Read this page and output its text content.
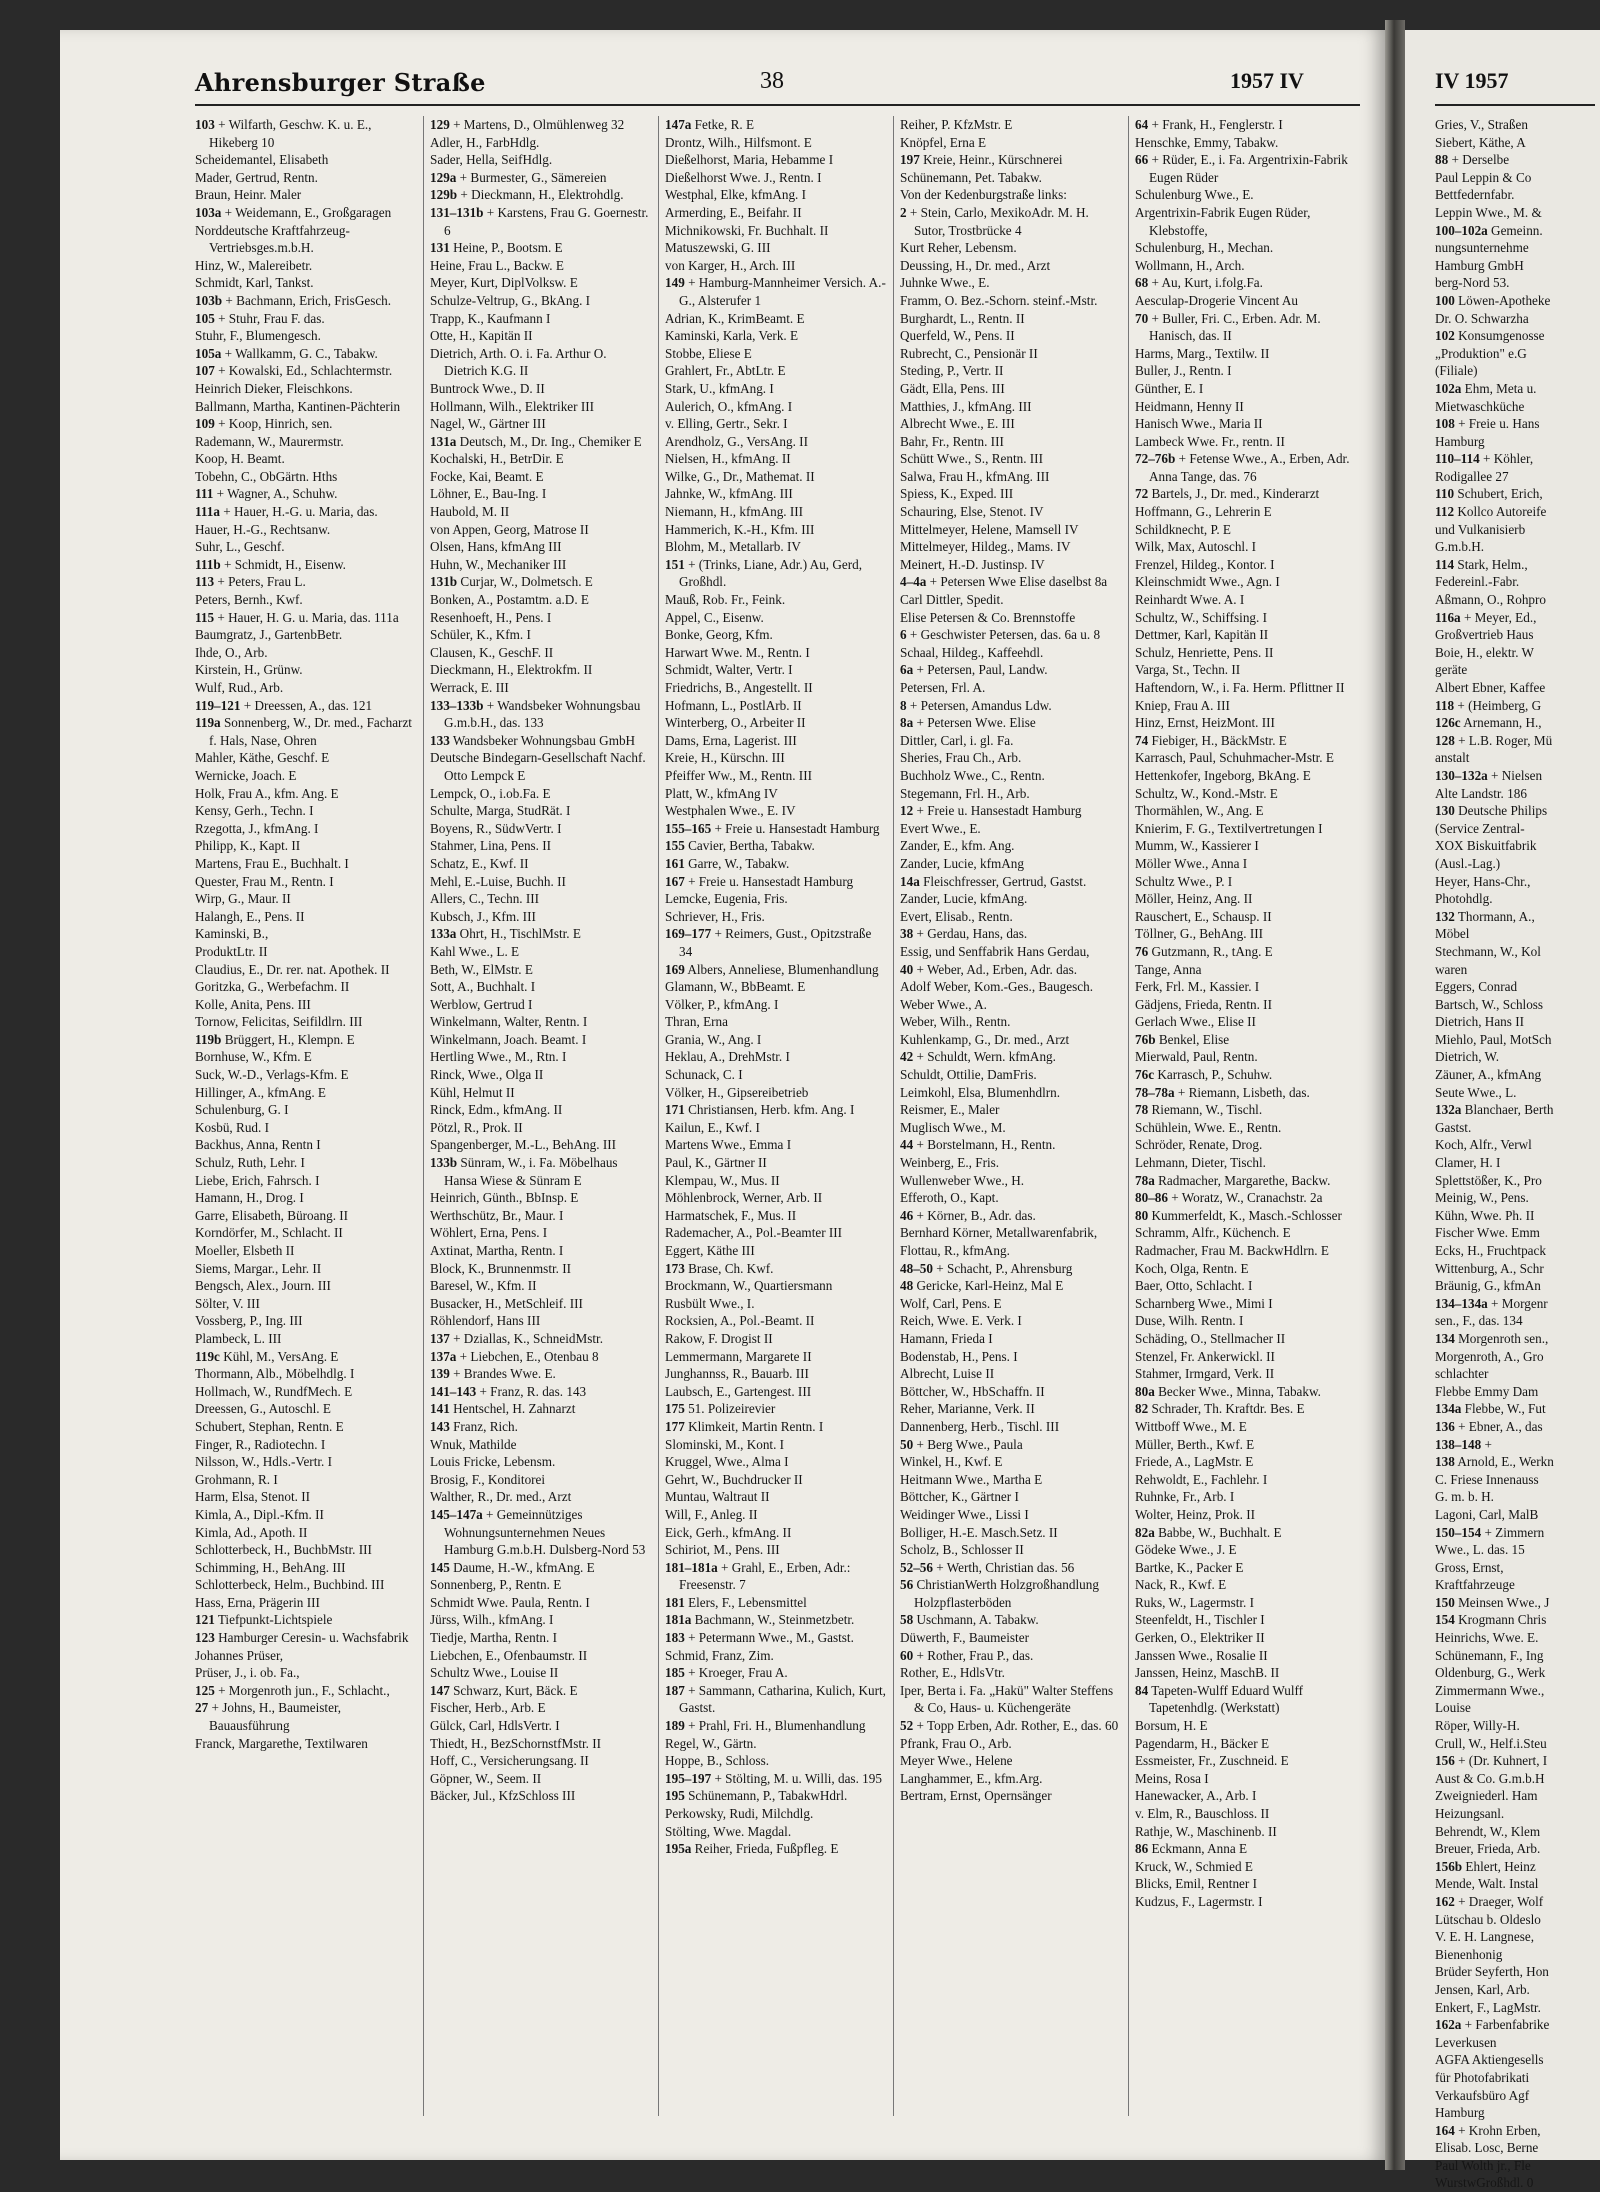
Ahrensburger Straße	38	1957 IV	IV 1957

103 + Wilfarth, Geschw. K. u. E., Hikeberg 10

Scheidemantel, Elisabeth

Mader, Gertrud, Rentn.

Braun, Heinr. Maler

103a + Weidemann, E., Großgaragen

Norddeutsche Kraftfahrzeug-Vertriebsges.m.b.H.

Hinz, W., Malereibetr.

Schmidt, Karl, Tankst.

103b + Bachmann, Erich, FrisGesch.

105 + Stuhr, Frau F. das.

Stuhr, F., Blumengesch.

105a + Wallkamm, G. C., Tabakw.

107 + Kowalski, Ed., Schlachtermstr.

Heinrich Dieker, Fleischkons.

Ballmann, Martha, Kantinen-Pächterin

109 + Koop, Hinrich, sen.

Rademann, W., Maurermstr.

Koop, H. Beamt.

Tobehn, C., ObGärtn. Hths

111 + Wagner, A., Schuhw.

111a + Hauer, H.-G. u. Maria, das.

Hauer, H.-G., Rechtsanw.

Suhr, L., Geschf.

111b + Schmidt, H., Eisenw.

113 + Peters, Frau L.

Peters, Bernh., Kwf.

115 + Hauer, H. G. u. Maria, das. 111a

Baumgratz, J., GartenbBetr.

Ihde, O., Arb.

Kirstein, H., Grünw.

Wulf, Rud., Arb.

119–121 + Dreessen, A., das. 121

119a Sonnenberg, W., Dr. med., Facharzt f. Hals, Nase, Ohren

Mahler, Käthe, Geschf. E

Wernicke, Joach. E

Holk, Frau A., kfm. Ang. E

Kensy, Gerh., Techn. I

Rzegotta, J., kfmAng. I

Philipp, K., Kapt. II

Martens, Frau E., Buchhalt. I

Quester, Frau M., Rentn. I

Wirp, G., Maur. II

Halangh, E., Pens. II

Kaminski, B.,

ProduktLtr. II

Claudius, E., Dr. rer. nat. Apothek. II

Goritzka, G., Werbefachm. II

Kolle, Anita, Pens. III

Tornow, Felicitas, Seifildlrn. III

119b Brüggert, H., Klempn. E

Bornhuse, W., Kfm. E

Suck, W.-D., Verlags-Kfm. E

Hillinger, A., kfmAng. E

Schulenburg, G. I

Kosbü, Rud. I

Backhus, Anna, Rentn I

Schulz, Ruth, Lehr. I

Liebe, Erich, Fahrsch. I

Hamann, H., Drog. I

Garre, Elisabeth, Büroang. II

Korndörfer, M., Schlacht. II

Moeller, Elsbeth II

Siems, Margar., Lehr. II

Bengsch, Alex., Journ. III

Sölter, V. III

Vossberg, P., Ing. III

Plambeck, L. III

119c Kühl, M., VersAng. E

Thormann, Alb., Möbelhdlg. I

Hollmach, W., RundfMech. E

Dreessen, G., Autoschl. E

Schubert, Stephan, Rentn. E

Finger, R., Radiotechn. I

Nilsson, W., Hdls.-Vertr. I

Grohmann, R. I

Harm, Elsa, Stenot. II

Kimla, A., Dipl.-Kfm. II

Kimla, Ad., Apoth. II

Schlotterbeck, H., BuchbMstr. III

Schimming, H., BehAng. III

Schlotterbeck, Helm., Buchbind. III

Hass, Erna, Prägerin III

121 Tiefpunkt-Lichtspiele

123 Hamburger Ceresin- u. Wachsfabrik

Johannes Prüser,

Prüser, J., i. ob. Fa.,

125 + Morgenroth jun., F., Schlacht.,

27 + Johns, H., Baumeister, Bauausführung

Franck, Margarethe, Textilwaren

129 + Martens, D., Olmühlenweg 32

Adler, H., FarbHdlg.

Sader, Hella, SeifHdlg.

129a + Burmester, G., Sämereien

129b + Dieckmann, H., Elektrohdlg.

131–131b + Karstens, Frau G. Goernestr. 6

131 Heine, P., Bootsm. E

Heine, Frau L., Backw. E

Meyer, Kurt, DiplVolksw. E

Schulze-Veltrup, G., BkAng. I

Trapp, K., Kaufmann I

Otte, H., Kapitän II

Dietrich, Arth. O. i. Fa. Arthur O. Dietrich K.G. II

Buntrock Wwe., D. II

Hollmann, Wilh., Elektriker III

Nagel, W., Gärtner III

131a Deutsch, M., Dr. Ing., Chemiker E

Kochalski, H., BetrDir. E

Focke, Kai, Beamt. E

Löhner, E., Bau-Ing. I

Haubold, M. II

von Appen, Georg, Matrose II

Olsen, Hans, kfmAng III

Huhn, W., Mechaniker III

131b Curjar, W., Dolmetsch. E

Bonken, A., Postamtm. a.D. E

Resenhoeft, H., Pens. I

Schüler, K., Kfm. I

Clausen, K., GeschF. II

Dieckmann, H., Elektrokfm. II

Werrack, E. III

133–133b + Wandsbeker Wohnungsbau G.m.b.H., das. 133

133 Wandsbeker Wohnungsbau GmbH

Deutsche Bindegarn-Gesellschaft Nachf. Otto Lempck E

Lempck, O., i.ob.Fa. E

Schulte, Marga, StudRät. I

Boyens, R., SüdwVertr. I

Stahmer, Lina, Pens. II

Schatz, E., Kwf. II

Mehl, E.-Luise, Buchh. II

Allers, C., Techn. III

Kubsch, J., Kfm. III

133a Ohrt, H., TischlMstr. E

Kahl Wwe., L. E

Beth, W., ElMstr. E

Sott, A., Buchhalt. I

Werblow, Gertrud I

Winkelmann, Walter, Rentn. I

Winkelmann, Joach. Beamt. I

Hertling Wwe., M., Rtn. I

Rinck, Wwe., Olga II

Kühl, Helmut II

Rinck, Edm., kfmAng. II

Pötzl, R., Prok. II

Spangenberger, M.-L., BehAng. III

133b Sünram, W., i. Fa. Möbelhaus Hansa Wiese & Sünram E

Heinrich, Günth., BbInsp. E

Werthschütz, Br., Maur. I

Wöhlert, Erna, Pens. I

Axtinat, Martha, Rentn. I

Block, K., Brunnenmstr. II

Baresel, W., Kfm. II

Busacker, H., MetSchleif. III

Röhlendorf, Hans III

137 + Dziallas, K., SchneidMstr.

137a + Liebchen, E., Otenbau 8

139 + Brandes Wwe. E.

141–143 + Franz, R. das. 143

141 Hentschel, H. Zahnarzt

143 Franz, Rich.

Wnuk, Mathilde

Louis Fricke, Lebensm.

Brosig, F., Konditorei

Walther, R., Dr. med., Arzt

145–147a + Gemeinnütziges Wohnungsunternehmen Neues Hamburg G.m.b.H. Dulsberg-Nord 53

145 Daume, H.-W., kfmAng. E

Sonnenberg, P., Rentn. E

Schmidt Wwe. Paula, Rentn. I

Jürss, Wilh., kfmAng. I

Tiedje, Martha, Rentn. I

Liebchen, E., Ofenbaumstr. II

Schultz Wwe., Louise II

147 Schwarz, Kurt, Bäck. E

Fischer, Herb., Arb. E

Gülck, Carl, HdlsVertr. I

Thiedt, H., BezSchornstfMstr. II

Hoff, C., Versicherungsang. II

Göpner, W., Seem. II

Bäcker, Jul., KfzSchloss III

147a Fetke, R. E

Drontz, Wilh., Hilfsmont. E

Dießelhorst, Maria, Hebamme I

Dießelhorst Wwe. J., Rentn. I

Westphal, Elke, kfmAng. I

Armerding, E., Beifahr. II

Michnikowski, Fr. Buchhalt. II

Matuszewski, G. III

von Karger, H., Arch. III

149 + Hamburg-Mannheimer Versich. A.-G., Alsterufer 1

Adrian, K., KrimBeamt. E

Kaminski, Karla, Verk. E

Stobbe, Eliese E

Grahlert, Fr., AbtLtr. E

Stark, U., kfmAng. I

Aulerich, O., kfmAng. I

v. Elling, Gertr., Sekr. I

Arendholz, G., VersAng. II

Nielsen, H., kfmAng. II

Wilke, G., Dr., Mathemat. II

Jahnke, W., kfmAng. III

Niemann, H., kfmAng. III

Hammerich, K.-H., Kfm. III

Blohm, M., Metallarb. IV

151 + (Trinks, Liane, Adr.) Au, Gerd, Großhdl.

Mauß, Rob. Fr., Feink.

Appel, C., Eisenw.

Bonke, Georg, Kfm.

Harwart Wwe. M., Rentn. I

Schmidt, Walter, Vertr. I

Friedrichs, B., Angestellt. II

Hofmann, L., PostlArb. II

Winterberg, O., Arbeiter II

Dams, Erna, Lagerist. III

Kreie, H., Kürschn. III

Pfeiffer Ww., M., Rentn. III

Platt, W., kfmAng IV

Westphalen Wwe., E. IV

155–165 + Freie u. Hansestadt Hamburg

155 Cavier, Bertha, Tabakw.

161 Garre, W., Tabakw.

167 + Freie u. Hansestadt Hamburg

Lemcke, Eugenia, Fris.

Schriever, H., Fris.

169–177 + Reimers, Gust., Opitzstraße 34

169 Albers, Anneliese, Blumenhandlung

Glamann, W., BbBeamt. E

Völker, P., kfmAng. I

Thran, Erna

Grania, W., Ang. I

Heklau, A., DrehMstr. I

Schunack, C. I

Völker, H., Gipsereibetrieb

171 Christiansen, Herb. kfm. Ang. I

Kailun, E., Kwf. I

Martens Wwe., Emma I

Paul, K., Gärtner II

Klempau, W., Mus. II

Möhlenbrock, Werner, Arb. II

Harmatschek, F., Mus. II

Rademacher, A., Pol.-Beamter III

Eggert, Käthe III

173 Brase, Ch. Kwf.

Brockmann, W., Quartiersmann

Rusbült Wwe., I.

Rocksien, A., Pol.-Beamt. II

Rakow, F. Drogist II

Lemmermann, Margarete II

Junghannss, R., Bauarb. III

Laubsch, E., Gartengest. III

175 51. Polizeirevier

177 Klimkeit, Martin Rentn. I

Slominski, M., Kont. I

Kruggel, Wwe., Alma I

Gehrt, W., Buchdrucker II

Muntau, Waltraut II

Will, F., Anleg. II

Eick, Gerh., kfmAng. II

Schiriot, M., Pens. III

181–181a + Grahl, E., Erben, Adr.: Freesenstr. 7

181 Elers, F., Lebensmittel

181a Bachmann, W., Steinmetzbetr.

183 + Petermann Wwe., M., Gastst.

Schmid, Franz, Zim.

185 + Kroeger, Frau A.

187 + Sammann, Catharina, Kulich, Kurt, Gastst.

189 + Prahl, Fri. H., Blumenhandlung

Regel, W., Gärtn.

Hoppe, B., Schloss.

195–197 + Stölting, M. u. Willi, das. 195

195 Schünemann, P., TabakwHdrl.

Perkowsky, Rudi, Milchdlg.

Stölting, Wwe. Magdal.

195a Reiher, Frieda, Fußpfleg. E

Reiher, P. KfzMstr. E

Knöpfel, Erna E

197 Kreie, Heinr., Kürschnerei

Schünemann, Pet. Tabakw.

Von der Kedenburgstraße links:

2 + Stein, Carlo, MexikoAdr. M. H. Sutor, Trostbrücke 4

Kurt Reher, Lebensm.

Deussing, H., Dr. med., Arzt

Juhnke Wwe., E.

Framm, O. Bez.-Schorn. steinf.-Mstr.

Burghardt, L., Rentn. II

Querfeld, W., Pens. II

Rubrecht, C., Pensionär II

Steding, P., Vertr. II

Gädt, Ella, Pens. III

Matthies, J., kfmAng. III

Albrecht Wwe., E. III

Bahr, Fr., Rentn. III

Schütt Wwe., S., Rentn. III

Salwa, Frau H., kfmAng. III

Spiess, K., Exped. III

Schauring, Else, Stenot. IV

Mittelmeyer, Helene, Mamsell IV

Mittelmeyer, Hildeg., Mams. IV

Meinert, H.-D. Justinsp. IV

4–4a + Petersen Wwe Elise daselbst 8a

Carl Dittler, Spedit.

Elise Petersen & Co. Brennstoffe

6 + Geschwister Petersen, das. 6a u. 8

Schaal, Hildeg., Kaffeehdl.

6a + Petersen, Paul, Landw.

Petersen, Frl. A.

8 + Petersen, Amandus Ldw.

8a + Petersen Wwe. Elise

Dittler, Carl, i. gl. Fa.

Sheries, Frau Ch., Arb.

Buchholz Wwe., C., Rentn.

Stegemann, Frl. H., Arb.

12 + Freie u. Hansestadt Hamburg

Evert Wwe., E.

Zander, E., kfm. Ang.

Zander, Lucie, kfmAng

14a Fleischfresser, Gertrud, Gastst.

Zander, Lucie, kfmAng.

Evert, Elisab., Rentn.

38 + Gerdau, Hans, das.

Essig, und Senffabrik Hans Gerdau,

40 + Weber, Ad., Erben, Adr. das.

Adolf Weber, Kom.-Ges., Baugesch.

Weber Wwe., A.

Weber, Wilh., Rentn.

Kuhlenkamp, G., Dr. med., Arzt

42 + Schuldt, Wern. kfmAng.

Schuldt, Ottilie, DamFris.

Leimkohl, Elsa, Blumenhdlrn.

Reismer, E., Maler

Muglisch Wwe., M.

44 + Borstelmann, H., Rentn.

Weinberg, E., Fris.

Wullenweber Wwe., H.

Efferoth, O., Kapt.

46 + Körner, B., Adr. das.

Bernhard Körner, Metallwarenfabrik,

Flottau, R., kfmAng.

48–50 + Schacht, P., Ahrensburg

48 Gericke, Karl-Heinz, Mal E

Wolf, Carl, Pens. E

Reich, Wwe. E. Verk. I

Hamann, Frieda I

Bodenstab, H., Pens. I

Albrecht, Luise II

Böttcher, W., HbSchaffn. II

Reher, Marianne, Verk. II

Dannenberg, Herb., Tischl. III

50 + Berg Wwe., Paula

Winkel, H., Kwf. E

Heitmann Wwe., Martha E

Böttcher, K., Gärtner I

Weidinger Wwe., Lissi I

Bolliger, H.-E. Masch.Setz. II

Scholz, B., Schlosser II

52–56 + Werth, Christian das. 56

56 ChristianWerth Holzgroßhandlung Holzpflasterböden

58 Uschmann, A. Tabakw.

Düwerth, F., Baumeister

60 + Rother, Frau P., das.

Rother, E., HdlsVtr.

Iper, Berta i. Fa. „Hakü" Walter Steffens & Co, Haus- u. Küchengeräte

52 + Topp Erben, Adr. Rother, E., das. 60

Pfrank, Frau O., Arb.

Meyer Wwe., Helene

Langhammer, E., kfm.Arg.

Bertram, Ernst, Opernsänger

64 + Frank, H., Fenglerstr. I

Henschke, Emmy, Tabakw.

66 + Rüder, E., i. Fa. Argentrixin-Fabrik Eugen Rüder

Schulenburg Wwe., E.

Argentrixin-Fabrik Eugen Rüder, Klebstoffe,

Schulenburg, H., Mechan.

Wollmann, H., Arch.

68 + Au, Kurt, i.folg.Fa.

Aesculap-Drogerie Vincent Au

70 + Buller, Fri. C., Erben. Adr. M. Hanisch, das. II

Harms, Marg., Textilw. II

Buller, J., Rentn. I

Günther, E. I

Heidmann, Henny II

Hanisch Wwe., Maria II

Lambeck Wwe. Fr., rentn. II

72–76b + Fetense Wwe., A., Erben, Adr. Anna Tange, das. 76

72 Bartels, J., Dr. med., Kinderarzt

Hoffmann, G., Lehrerin E

Schildknecht, P. E

Wilk, Max, Autoschl. I

Frenzel, Hildeg., Kontor. I

Kleinschmidt Wwe., Agn. I

Reinhardt Wwe. A. I

Schultz, W., Schiffsing. I

Dettmer, Karl, Kapitän II

Schulz, Henriette, Pens. II

Varga, St., Techn. II

Haftendorn, W., i. Fa. Herm. Pflittner II

Kniep, Frau A. III

Hinz, Ernst, HeizMont. III

74 Fiebiger, H., BäckMstr. E

Karrasch, Paul, Schuhmacher-Mstr. E

Hettenkofer, Ingeborg, BkAng. E

Schultz, W., Kond.-Mstr. E

Thormählen, W., Ang. E

Knierim, F. G., Textilvertretungen I

Mumm, W., Kassierer I

Möller Wwe., Anna I

Schultz Wwe., P. I

Möller, Heinz, Ang. II

Rauschert, E., Schausp. II

Töllner, G., BehAng. III

76 Gutzmann, R., tAng. E

Tange, Anna

Ferk, Frl. M., Kassier. I

Gädjens, Frieda, Rentn. II

Gerlach Wwe., Elise II

76b Benkel, Elise

Mierwald, Paul, Rentn.

76c Karrasch, P., Schuhw.

78–78a + Riemann, Lisbeth, das.

78 Riemann, W., Tischl.

Schühlein, Wwe. E., Rentn.

Schröder, Renate, Drog.

Lehmann, Dieter, Tischl.

78a Radmacher, Margarethe, Backw.

80–86 + Woratz, W., Cranachstr. 2a

80 Kummerfeldt, K., Masch.-Schlosser

Schramm, Alfr., Küchench. E

Radmacher, Frau M. BackwHdlrn. E

Koch, Olga, Rentn. E

Baer, Otto, Schlacht. I

Scharnberg Wwe., Mimi I

Duse, Wilh. Rentn. I

Schäding, O., Stellmacher II

Stenzel, Fr. Ankerwickl. II

Stahmer, Irmgard, Verk. II

80a Becker Wwe., Minna, Tabakw.

82 Schrader, Th. Kraftdr. Bes. E

Wittboff Wwe., M. E

Müller, Berth., Kwf. E

Friede, A., LagMstr. E

Rehwoldt, E., Fachlehr. I

Ruhnke, Fr., Arb. I

Wolter, Heinz, Prok. II

82a Babbe, W., Buchhalt. E

Gödeke Wwe., J. E

Bartke, K., Packer E

Nack, R., Kwf. E

Ruks, W., Lagermstr. I

Steenfeldt, H., Tischler I

Gerken, O., Elektriker II

Janssen Wwe., Rosalie II

Janssen, Heinz, MaschB. II

84 Tapeten-Wulff Eduard Wulff Tapetenhdlg. (Werkstatt)

Borsum, H. E

Pagendarm, H., Bäcker E

Essmeister, Fr., Zuschneid. E

Meins, Rosa I

Hanewacker, A., Arb. I

v. Elm, R., Bauschloss. II

Rathje, W., Maschinenb. II

86 Eckmann, Anna E

Kruck, W., Schmied E

Blicks, Emil, Rentner I

Kudzus, F., Lagermstr. I

Gries, V., Straßen

Siebert, Käthe, A

88 + Derselbe

Paul Leppin & Co

Bettfedernfabr.

Leppin Wwe., M. &

100–102a Gemeinn.

nungsunternehme

Hamburg GmbH

berg-Nord 53.

100 Löwen-Apotheke

Dr. O. Schwarzha

102 Konsumgenosse

„Produktion" e.G

(Filiale)

102a Ehm, Meta u.

Mietwaschküche

108 + Freie u. Hans

Hamburg

110–114 + Köhler,

Rodigallee 27

110 Schubert, Erich,

112 Kollco Autoreife

und Vulkanisierb

G.m.b.H.

114 Stark, Helm.,

Federeinl.-Fabr.

Aßmann, O., Rohpro

116a + Meyer, Ed.,

Großvertrieb Haus

Boie, H., elektr. W

geräte

Albert Ebner, Kaffee

118 + (Heimberg, G

126c Arnemann, H.,

128 + L.B. Roger, Mü

anstalt

130–132a + Nielsen

Alte Landstr. 186

130 Deutsche Philips

(Service Zentral-

XOX Biskuitfabrik

(Ausl.-Lag.)

Heyer, Hans-Chr.,

Photohdlg.

132 Thormann, A.,

Möbel

Stechmann, W., Kol

waren

Eggers, Conrad

Bartsch, W., Schloss

Dietrich, Hans II

Miehlo, Paul, MotSch

Dietrich, W.

Zäuner, A., kfmAng

Seute Wwe., L.

132a Blanchaer, Berth

Gastst.

Koch, Alfr., Verwl

Clamer, H. I

Splettstößer, K., Pro

Meinig, W., Pens.

Kühn, Wwe. Ph. II

Fischer Wwe. Emm

Ecks, H., Fruchtpack

Wittenburg, A., Schr

Bräunig, G., kfmAn

134–134a + Morgenr

sen., F., das. 134

134 Morgenroth sen.,

Morgenroth, A., Gro

schlachter

Flebbe Emmy Dam

134a Flebbe, W., Fut

136 + Ebner, A., das

138–148 +

138 Arnold, E., Werkn

C. Friese Innenauss

G. m. b. H.

Lagoni, Carl, MalB

150–154 + Zimmern

Wwe., L. das. 15

Gross, Ernst,

Kraftfahrzeuge

150 Meinsen Wwe., J

154 Krogmann Chris

Heinrichs, Wwe. E.

Schünemann, F., Ing

Oldenburg, G., Werk

Zimmermann Wwe.,

Louise

Röper, Willy-H.

Crull, W., Helf.i.Steu

156 + (Dr. Kuhnert, I

Aust & Co. G.m.b.H

Zweigniederl. Ham

Heizungsanl.

Behrendt, W., Klem

Breuer, Frieda, Arb.

156b Ehlert, Heinz

Mende, Walt. Instal

162 + Draeger, Wolf

Lütschau b. Oldeslo

V. E. H. Langnese,

Bienenhonig

Brüder Seyferth, Hon

Jensen, Karl, Arb.

Enkert, F., LagMstr.

162a + Farbenfabrike

Leverkusen

AGFA Aktiengesells

für Photofabrikati

Verkaufsbüro Agf

Hamburg

164 + Krohn Erben,

Elisab. Losc, Berne

Paul Wolth jr., Fle

WurstwGroßhdl. 0
